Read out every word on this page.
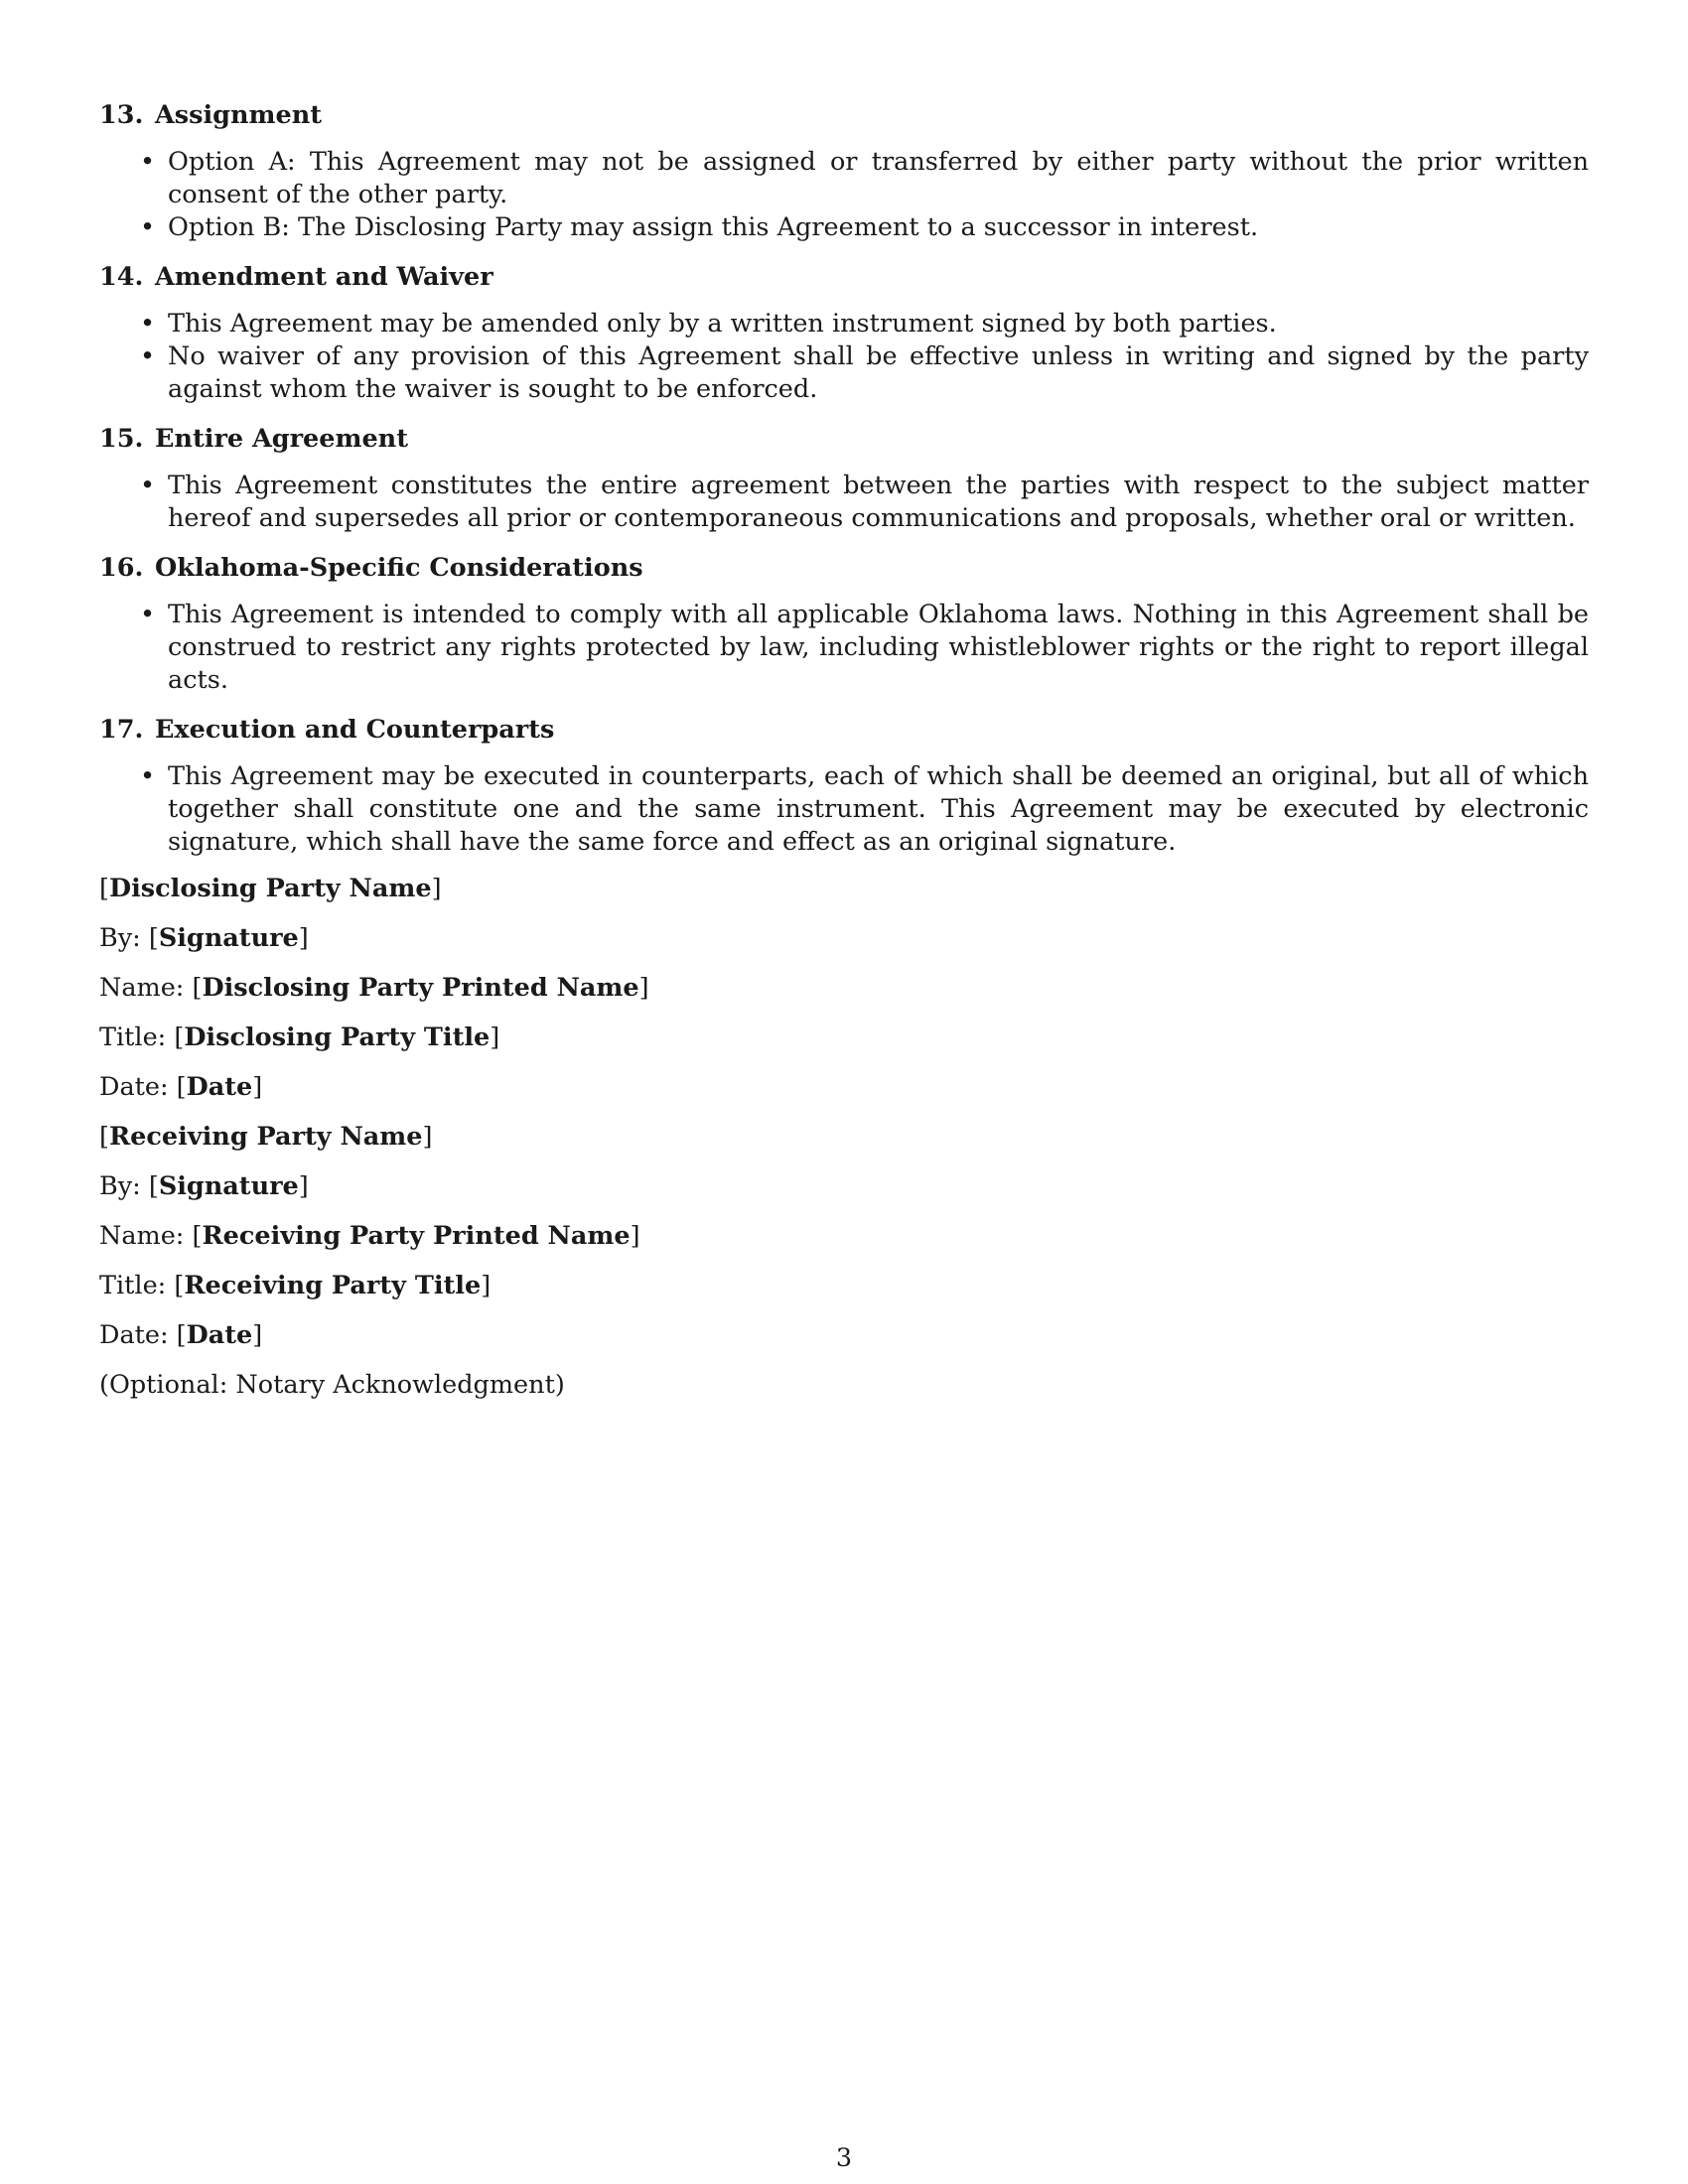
13. Assignment
• Option A: This Agreement may not be assigned or transferred by either party without the prior written consent of the other party.
• Option B: The Disclosing Party may assign this Agreement to a successor in interest.
14. Amendment and Waiver
• This Agreement may be amended only by a written instrument signed by both parties.
• No waiver of any provision of this Agreement shall be effective unless in writing and signed by the party against whom the waiver is sought to be enforced.
15. Entire Agreement
• This Agreement constitutes the entire agreement between the parties with respect to the subject matter hereof and supersedes all prior or contemporaneous communications and proposals, whether oral or written.
16. Oklahoma-Specific Considerations
• This Agreement is intended to comply with all applicable Oklahoma laws. Nothing in this Agreement shall be construed to restrict any rights protected by law, including whistleblower rights or the right to report illegal acts.
17. Execution and Counterparts
• This Agreement may be executed in counterparts, each of which shall be deemed an original, but all of which together shall constitute one and the same instrument. This Agreement may be executed by electronic signature, which shall have the same force and effect as an original signature.
[Disclosing Party Name]
By: [Signature]
Name: [Disclosing Party Printed Name]
Title: [Disclosing Party Title]
Date: [Date]
[Receiving Party Name]
By: [Signature]
Name: [Receiving Party Printed Name]
Title: [Receiving Party Title]
Date: [Date]
(Optional: Notary Acknowledgment)
3
